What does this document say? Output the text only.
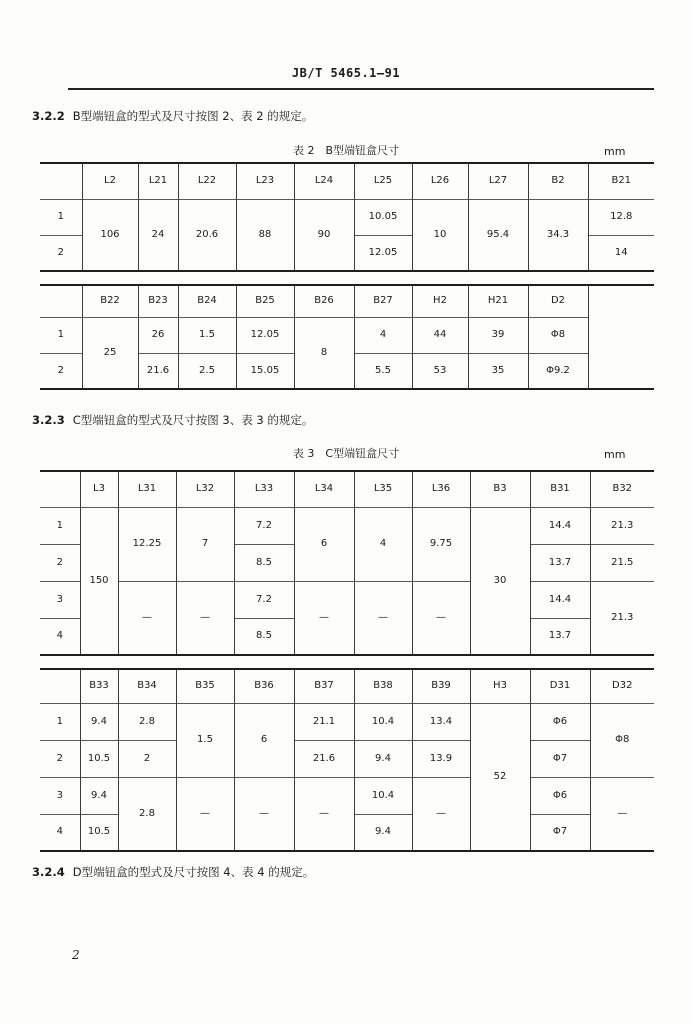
JB/T 5465.1—91
3.2.2 B型端钮盒的型式及尺寸按图 2、表 2 的规定。
表 2　B型端钮盒尺寸	mm
	L2	L21	L22	L23	L24	L25	L26	L27	B2	B21
1	106	24	20.6	88	90	10.05	10	95.4	34.3	12.8
2						12.05				14
	B22	B23	B24	B25	B26	B27	H2	H21	D2	
1	25	26	1.5	12.05	8	4	44	39	Φ8	
2		21.6	2.5	15.05		5.5	53	35	Φ9.2	
3.2.3 C型端钮盒的型式及尺寸按图 3、表 3 的规定。
表 3　C型端钮盒尺寸	mm
	L3	L31	L32	L33	L34	L35	L36	B3	B31	B32
1	150	12.25	7	7.2	6	4	9.75	30	14.4	21.3
2				8.5					13.7	21.5
3		—	—	7.2	—	—	—		14.4	21.3
4				8.5					13.7	
	B33	B34	B35	B36	B37	B38	B39	H3	D31	D32
1	9.4	2.8	1.5	6	21.1	10.4	13.4	52	Φ6	Φ8
2	10.5	2			21.6	9.4	13.9		Φ7	
3	9.4	2.8	—	—	—	10.4	—		Φ6	—
4	10.5					9.4			Φ7	
3.2.4 D型端钮盒的型式及尺寸按图 4、表 4 的规定。
2
